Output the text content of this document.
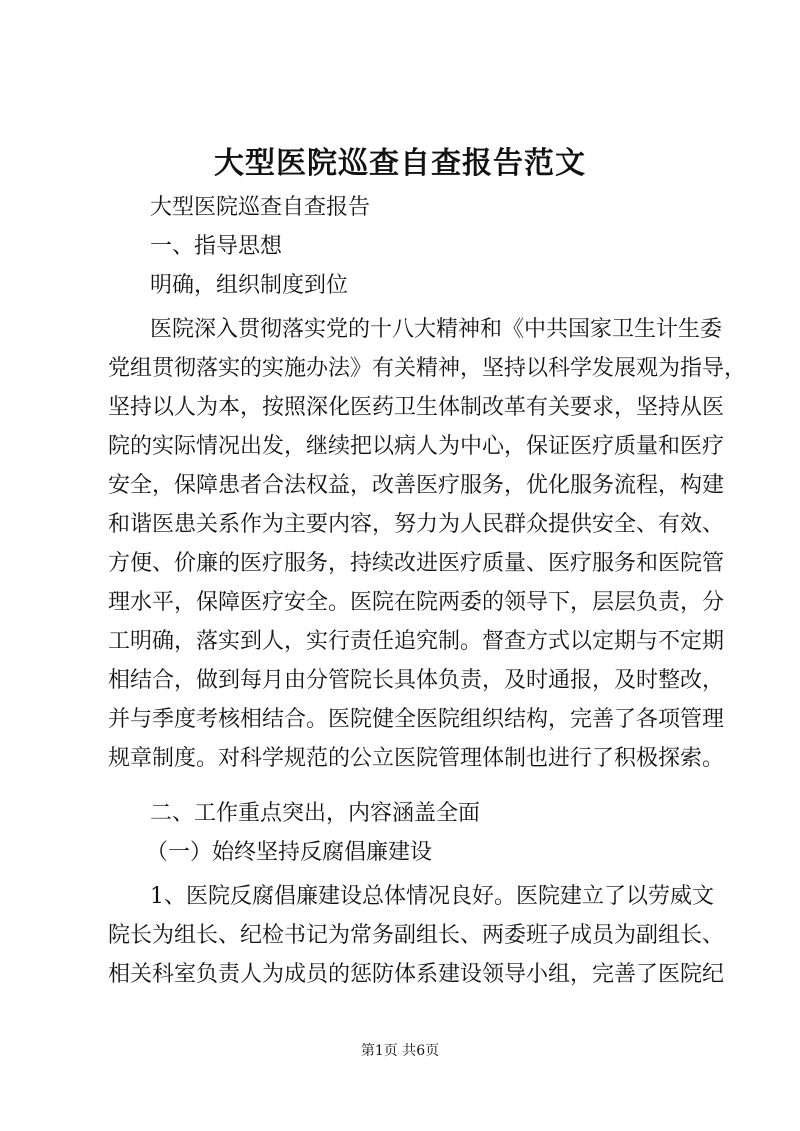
大型医院巡查自查报告范文
大型医院巡查自查报告
一、指导思想
明确，组织制度到位
医院深入贯彻落实党的十八大精神和《中共国家卫生计生委
党组贯彻落实的实施办法》有关精神，坚持以科学发展观为指导，
坚持以人为本，按照深化医药卫生体制改革有关要求，坚持从医
院的实际情况出发，继续把以病人为中心，保证医疗质量和医疗
安全，保障患者合法权益，改善医疗服务，优化服务流程，构建
和谐医患关系作为主要内容，努力为人民群众提供安全、有效、
方便、价廉的医疗服务，持续改进医疗质量、医疗服务和医院管
理水平，保障医疗安全。医院在院两委的领导下，层层负责，分
工明确，落实到人，实行责任追究制。督查方式以定期与不定期
相结合，做到每月由分管院长具体负责，及时通报，及时整改，
并与季度考核相结合。医院健全医院组织结构，完善了各项管理
规章制度。对科学规范的公立医院管理体制也进行了积极探索。
二、工作重点突出，内容涵盖全面
（一）始终坚持反腐倡廉建设
1、医院反腐倡廉建设总体情况良好。医院建立了以劳威文
院长为组长、纪检书记为常务副组长、两委班子成员为副组长、
相关科室负责人为成员的惩防体系建设领导小组，完善了医院纪
第1页 共6页
